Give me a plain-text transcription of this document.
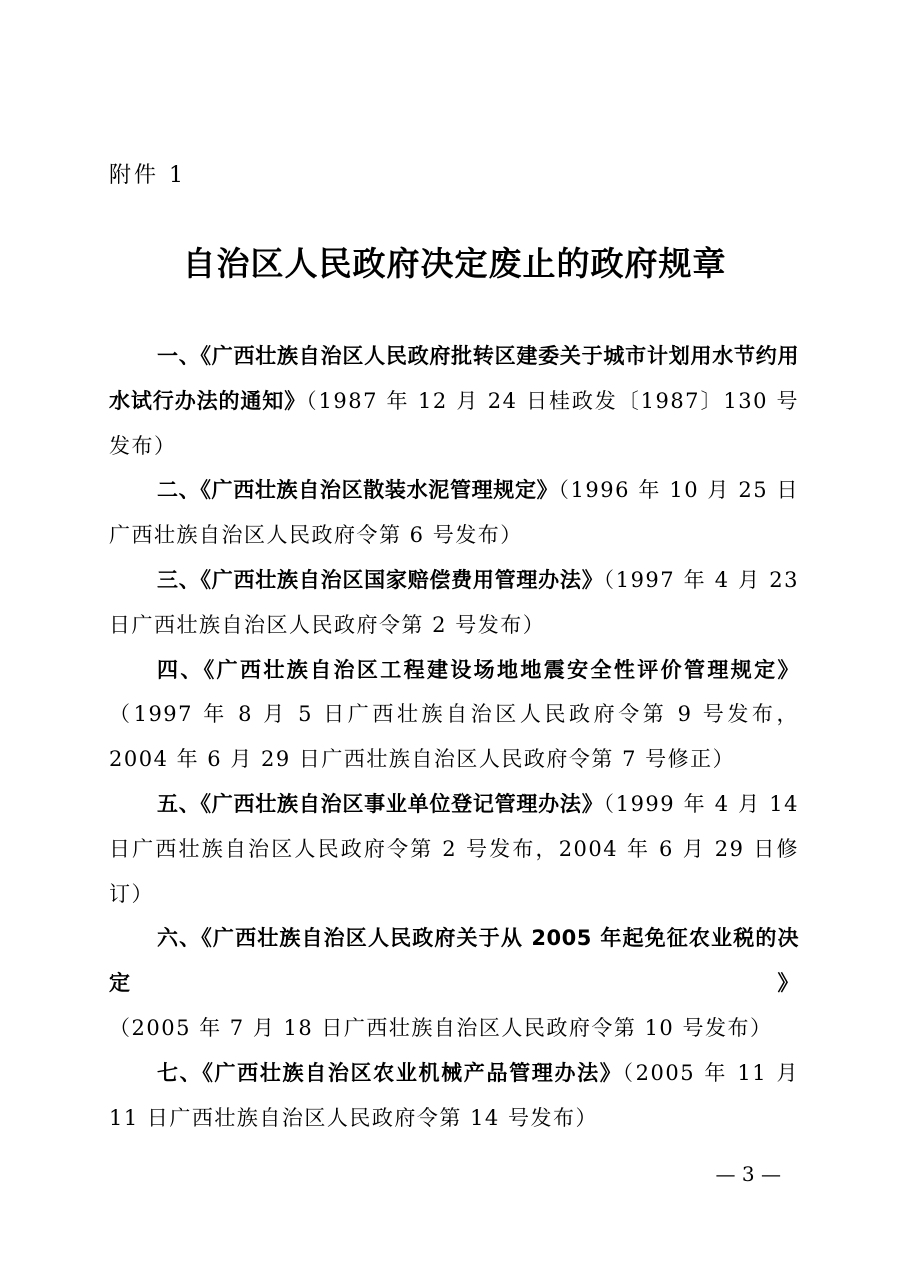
附件 1
自治区人民政府决定废止的政府规章

一、《广西壮族自治区人民政府批转区建委关于城市计划用水节约用水试行办法的通知》（1987 年 12 月 24 日桂政发〔1987〕130 号发布）

二、《广西壮族自治区散装水泥管理规定》（1996 年 10 月 25 日广西壮族自治区人民政府令第 6 号发布）

三、《广西壮族自治区国家赔偿费用管理办法》（1997 年 4 月 23 日广西壮族自治区人民政府令第 2 号发布）

四、《广西壮族自治区工程建设场地地震安全性评价管理规定》（1997 年 8 月 5 日广西壮族自治区人民政府令第 9 号发布，2004 年 6 月 29 日广西壮族自治区人民政府令第 7 号修正）

五、《广西壮族自治区事业单位登记管理办法》（1999 年 4 月 14 日广西壮族自治区人民政府令第 2 号发布，2004 年 6 月 29 日修订）

六、《广西壮族自治区人民政府关于从 2005 年起免征农业税的决定》（2005 年 7 月 18 日广西壮族自治区人民政府令第 10 号发布）

七、《广西壮族自治区农业机械产品管理办法》（2005 年 11 月 11 日广西壮族自治区人民政府令第 14 号发布）

— 3 —
